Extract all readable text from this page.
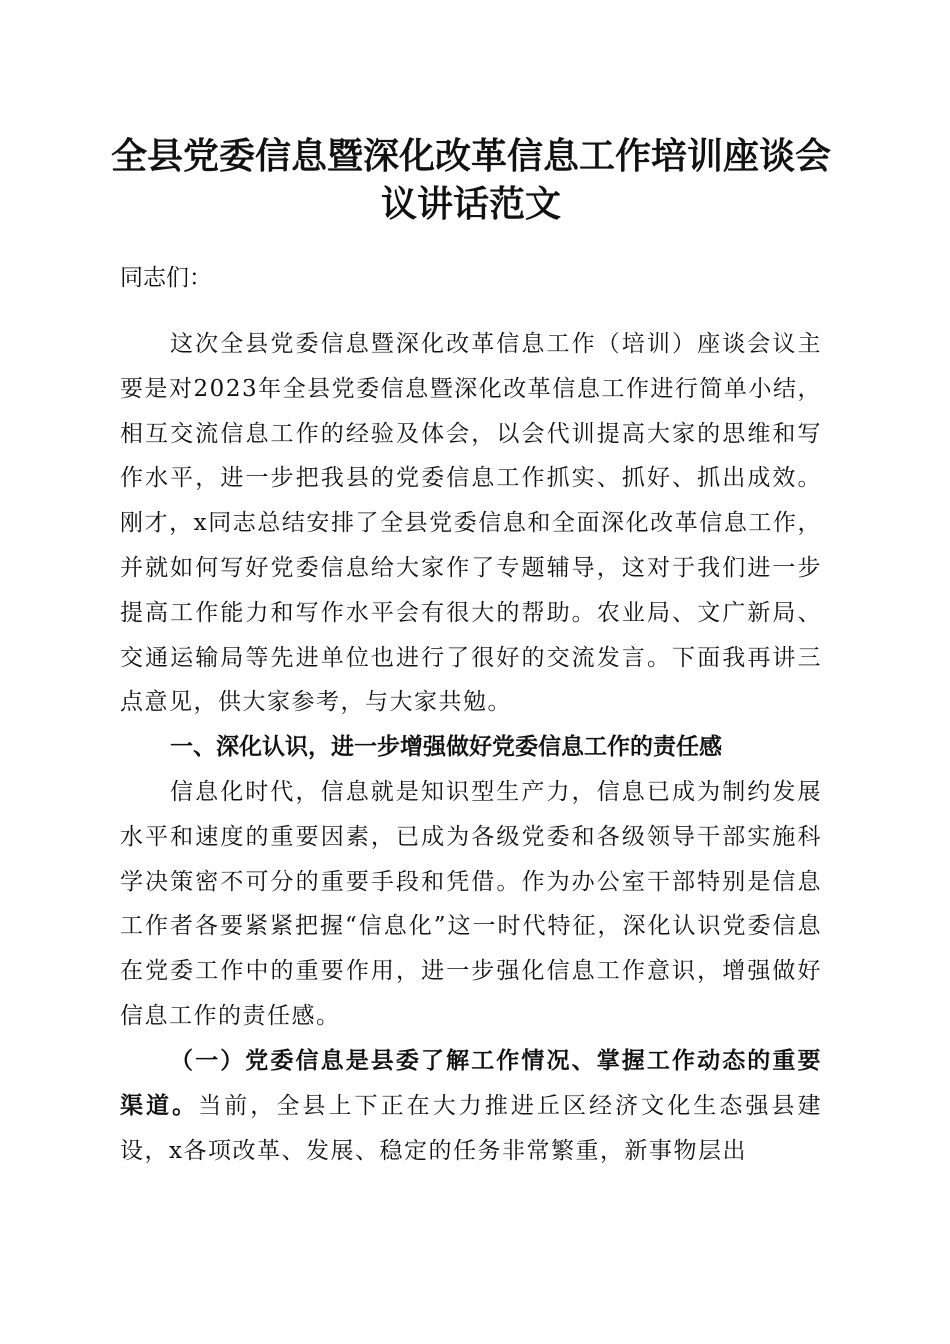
全县党委信息暨深化改革信息工作培训座谈会
议讲话范文

同志们：

这次全县党委信息暨深化改革信息工作（培训）座谈会议主要是对2023年全县党委信息暨深化改革信息工作进行简单小结，相互交流信息工作的经验及体会，以会代训提高大家的思维和写作水平，进一步把我县的党委信息工作抓实、抓好、抓出成效。刚才，x同志总结安排了全县党委信息和全面深化改革信息工作，并就如何写好党委信息给大家作了专题辅导，这对于我们进一步提高工作能力和写作水平会有很大的帮助。农业局、文广新局、交通运输局等先进单位也进行了很好的交流发言。下面我再讲三点意见，供大家参考，与大家共勉。

一、深化认识，进一步增强做好党委信息工作的责任感

信息化时代，信息就是知识型生产力，信息已成为制约发展水平和速度的重要因素，已成为各级党委和各级领导干部实施科学决策密不可分的重要手段和凭借。作为办公室干部特别是信息工作者各要紧紧把握“信息化”这一时代特征，深化认识党委信息在党委工作中的重要作用，进一步强化信息工作意识，增强做好信息工作的责任感。

（一）党委信息是县委了解工作情况、掌握工作动态的重要渠道。当前，全县上下正在大力推进丘区经济文化生态强县建设，x各项改革、发展、稳定的任务非常繁重，新事物层出
